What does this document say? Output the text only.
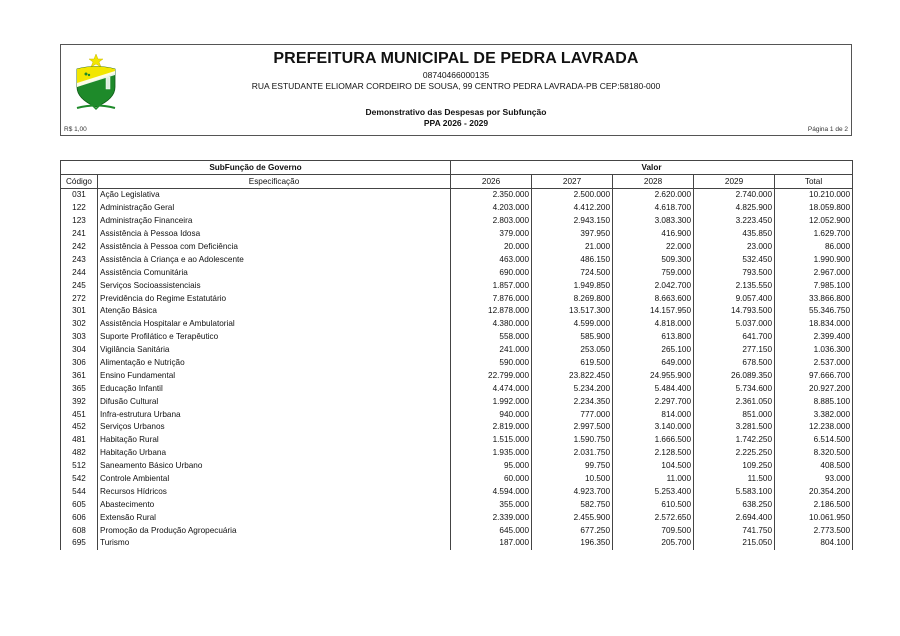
PREFEITURA MUNICIPAL DE PEDRA LAVRADA
08740466000135
RUA ESTUDANTE ELIOMAR CORDEIRO DE SOUSA, 99 CENTRO PEDRA LAVRADA-PB CEP:58180-000
Demonstrativo das Despesas por Subfunção
PPA 2026 - 2029
R$ 1,00	Página 1 de 2
SubFunção de Governo		Valor				
Código	Especificação	2026	2027	2028	2029	Total
031	Ação Legislativa	2.350.000	2.500.000	2.620.000	2.740.000	10.210.000
122	Administração Geral	4.203.000	4.412.200	4.618.700	4.825.900	18.059.800
123	Administração Financeira	2.803.000	2.943.150	3.083.300	3.223.450	12.052.900
241	Assistência à Pessoa Idosa	379.000	397.950	416.900	435.850	1.629.700
242	Assistência à Pessoa com Deficiência	20.000	21.000	22.000	23.000	86.000
243	Assistência à Criança e ao Adolescente	463.000	486.150	509.300	532.450	1.990.900
244	Assistência Comunitária	690.000	724.500	759.000	793.500	2.967.000
245	Serviços Socioassistenciais	1.857.000	1.949.850	2.042.700	2.135.550	7.985.100
272	Previdência do Regime Estatutário	7.876.000	8.269.800	8.663.600	9.057.400	33.866.800
301	Atenção Básica	12.878.000	13.517.300	14.157.950	14.793.500	55.346.750
302	Assistência Hospitalar e Ambulatorial	4.380.000	4.599.000	4.818.000	5.037.000	18.834.000
303	Suporte Profilático e Terapêutico	558.000	585.900	613.800	641.700	2.399.400
304	Vigilância Sanitária	241.000	253.050	265.100	277.150	1.036.300
306	Alimentação e Nutrição	590.000	619.500	649.000	678.500	2.537.000
361	Ensino Fundamental	22.799.000	23.822.450	24.955.900	26.089.350	97.666.700
365	Educação Infantil	4.474.000	5.234.200	5.484.400	5.734.600	20.927.200
392	Difusão Cultural	1.992.000	2.234.350	2.297.700	2.361.050	8.885.100
451	Infra-estrutura Urbana	940.000	777.000	814.000	851.000	3.382.000
452	Serviços Urbanos	2.819.000	2.997.500	3.140.000	3.281.500	12.238.000
481	Habitação Rural	1.515.000	1.590.750	1.666.500	1.742.250	6.514.500
482	Habitação Urbana	1.935.000	2.031.750	2.128.500	2.225.250	8.320.500
512	Saneamento Básico Urbano	95.000	99.750	104.500	109.250	408.500
542	Controle Ambiental	60.000	10.500	11.000	11.500	93.000
544	Recursos Hídricos	4.594.000	4.923.700	5.253.400	5.583.100	20.354.200
605	Abastecimento	355.000	582.750	610.500	638.250	2.186.500
606	Extensão Rural	2.339.000	2.455.900	2.572.650	2.694.400	10.061.950
608	Promoção da Produção Agropecuária	645.000	677.250	709.500	741.750	2.773.500
695	Turismo	187.000	196.350	205.700	215.050	804.100
